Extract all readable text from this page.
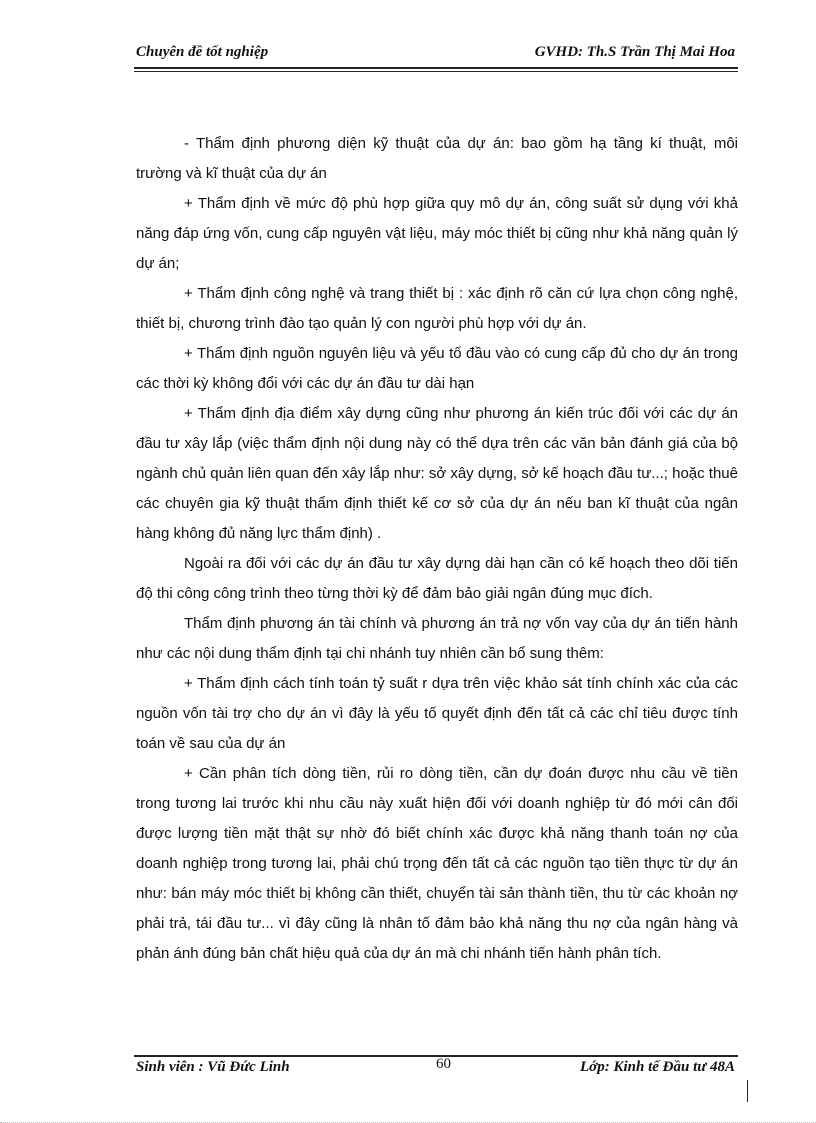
Chuyên đề tốt nghiệp	GVHD: Th.S Trần Thị Mai Hoa

- Thẩm định phương diện kỹ thuật của dự án: bao gồm hạ tầng kí thuật, môi trường và kĩ thuật của dự án

+ Thẩm định về mức độ phù hợp giữa quy mô dự án, công suất sử dụng với khả năng đáp ứng vốn, cung cấp nguyên vật liệu, máy móc thiết bị cũng như khả năng quản lý dự án;

+ Thẩm định công nghệ và trang thiết bị : xác định rõ căn cứ lựa chọn công nghệ, thiết bị, chương trình đào tạo quản lý con người phù hợp với dự án.

+ Thẩm định nguồn nguyên liệu và yếu tố đầu vào có cung cấp đủ cho dự án trong các thời kỳ không đổi với các dự án đầu tư dài hạn

+ Thẩm định địa điểm xây dựng cũng như phương án kiến trúc đối với các dự án đầu tư xây lắp (việc thẩm định nội dung này có thể dựa trên các văn bản đánh giá của bộ ngành chủ quản liên quan đến xây lắp như: sở xây dựng, sở kế hoạch đầu tư...; hoặc thuê các chuyên gia kỹ thuật thẩm định thiết kế cơ sở của dự án nếu ban kĩ thuật của ngân hàng không đủ năng lực thẩm định) .

Ngoài ra đối với các dự án đầu tư xây dựng dài hạn cần có kế hoạch theo dõi tiến độ thi công công trình theo từng thời kỳ để đảm bảo giải ngân đúng mục đích.

Thẩm định phương án tài chính và phương án trả nợ vốn vay của dự án tiến hành như các nội dung thẩm định tại chi nhánh tuy nhiên cần bổ sung thêm:

+ Thẩm định cách tính toán tỷ suất r dựa trên việc khảo sát tính chính xác của các nguồn vốn tài trợ cho dự án vì đây là yếu tố quyết định đến tất cả các chỉ tiêu được tính toán về sau của dự án

+ Cần phân tích dòng tiền, rủi ro dòng tiền, cần dự đoán được nhu cầu về tiền trong tương lai trước khi nhu cầu này xuất hiện đối với doanh nghiệp từ đó mới cân đối được lượng tiền mặt thật sự nhờ đó biết chính xác được khả năng thanh toán nợ của doanh nghiệp trong tương lai, phải chú trọng đến tất cả các nguồn tạo tiền thực từ dự án như: bán máy móc thiết bị không cần thiết, chuyển tài sản thành tiền, thu từ các khoản nợ phải trả, tái đầu tư... vì đây cũng là nhân tố đảm bảo khả năng thu nợ của ngân hàng và phản ánh đúng bản chất hiệu quả của dự án mà chi nhánh tiến hành phân tích.

Sinh viên : Vũ Đức Linh	60	Lớp: Kinh tế Đầu tư 48A
